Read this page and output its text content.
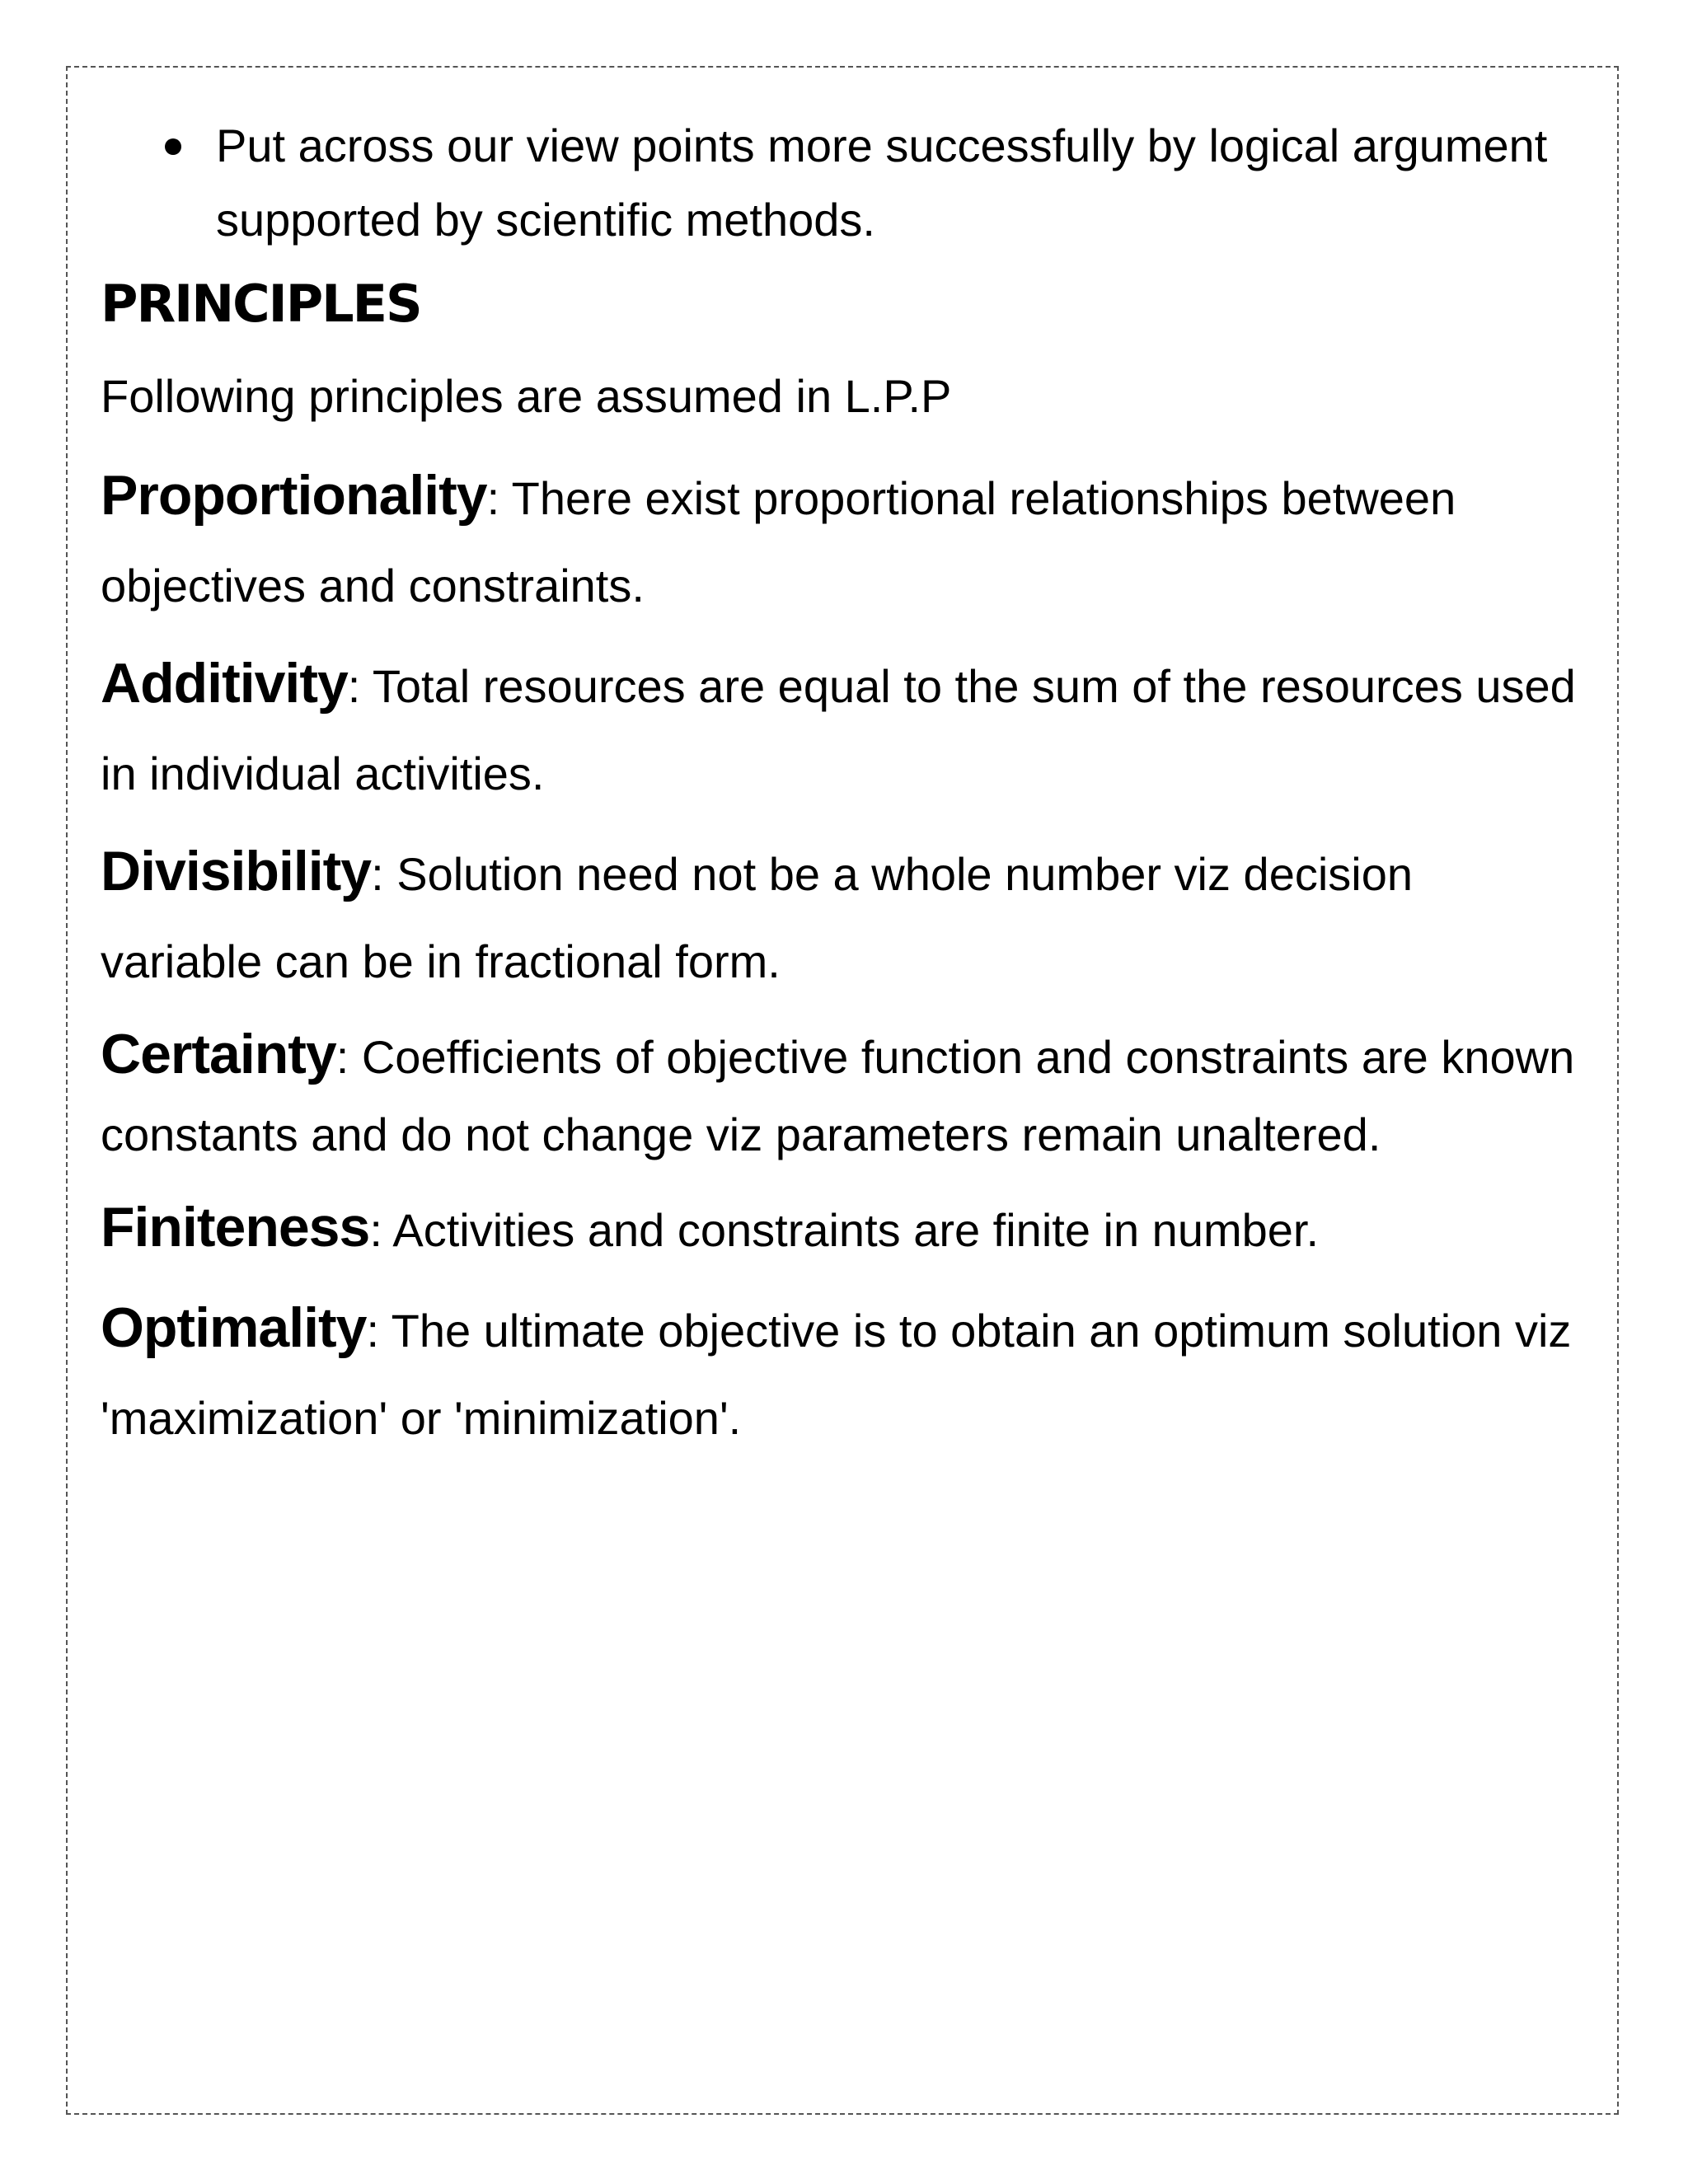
Put across our view points more successfully by logical argument supported by scientific methods.
PRINCIPLES

Following principles are assumed in L.P.P

Proportionality: There exist proportional relationships between objectives and constraints.

Additivity: Total resources are equal to the sum of the resources used in individual activities.

Divisibility: Solution need not be a whole number viz decision variable can be in fractional form.

Certainty: Coefficients of objective function and constraints are known constants and do not change viz parameters remain unaltered.

Finiteness: Activities and constraints are finite in number.

Optimality: The ultimate objective is to obtain an optimum solution viz 'maximization' or 'minimization'.
